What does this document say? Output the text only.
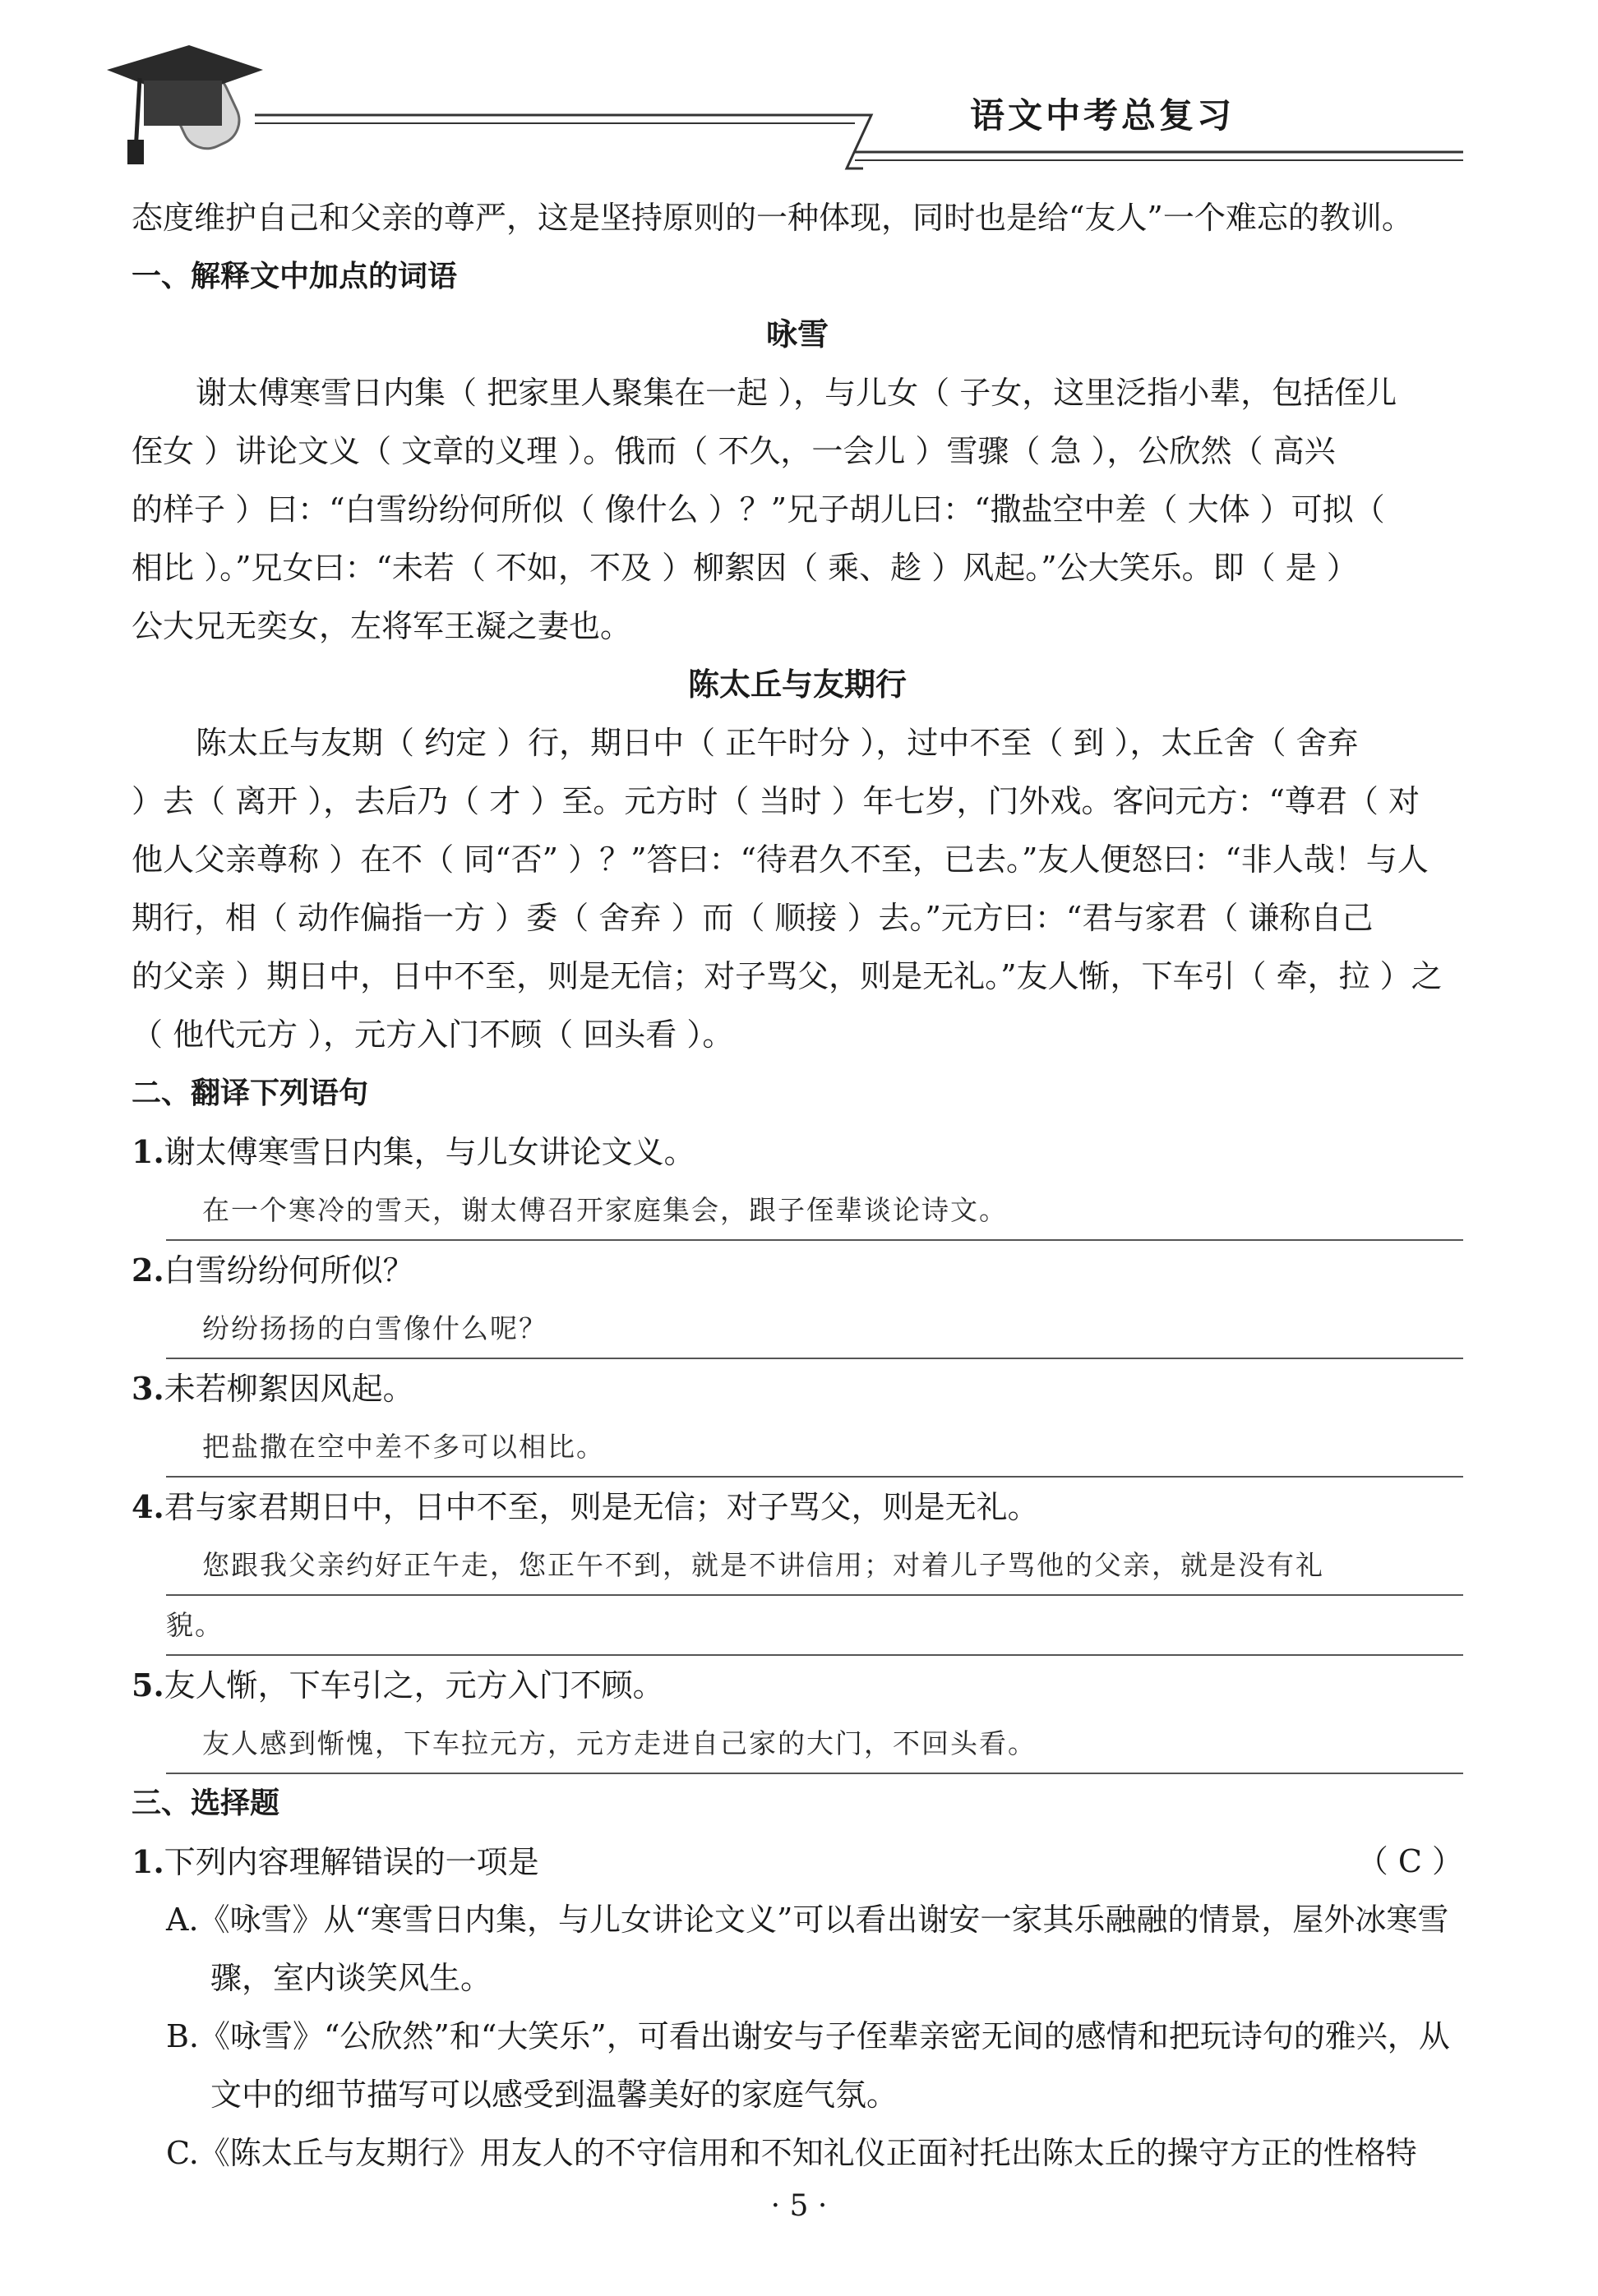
语文中考总复习
态度维护自己和父亲的尊严，这是坚持原则的一种体现，同时也是给“友人”一个难忘的教训。
一、解释文中加点的词语
咏雪
谢太傅寒雪日内集（ 把家里人聚集在一起 ），与儿女（ 子女，这里泛指小辈，包括侄儿
侄女 ）讲论文义（ 文章的义理 ）。俄而（ 不久，一会儿 ）雪骤（ 急 ），公欣然（ 高兴
的样子 ）曰：“白雪纷纷何所似（ 像什么 ）？”兄子胡儿曰：“撒盐空中差（ 大体 ）可拟（
相比 ）。”兄女曰：“未若（ 不如，不及 ）柳絮因（ 乘、趁 ）风起。”公大笑乐。即（ 是 ）
公大兄无奕女，左将军王凝之妻也。
陈太丘与友期行
陈太丘与友期（ 约定 ）行，期日中（ 正午时分 ），过中不至（ 到 ），太丘舍（ 舍弃
）去（ 离开 ），去后乃（ 才 ）至。元方时（ 当时 ）年七岁，门外戏。客问元方：“尊君（ 对
他人父亲尊称 ）在不（ 同“否” ）？”答曰：“待君久不至，已去。”友人便怒曰：“非人哉！与人
期行，相（ 动作偏指一方 ）委（ 舍弃 ）而（ 顺接 ）去。”元方曰：“君与家君（ 谦称自己
的父亲 ）期日中，日中不至，则是无信；对子骂父，则是无礼。”友人惭，下车引（ 牵，拉 ）之
（ 他代元方 ），元方入门不顾（ 回头看 ）。
二、翻译下列语句
1.谢太傅寒雪日内集，与儿女讲论文义。
在一个寒冷的雪天，谢太傅召开家庭集会，跟子侄辈谈论诗文。
2.白雪纷纷何所似？
纷纷扬扬的白雪像什么呢？
3.未若柳絮因风起。
把盐撒在空中差不多可以相比。
4.君与家君期日中，日中不至，则是无信；对子骂父，则是无礼。
您跟我父亲约好正午走，您正午不到，就是不讲信用；对着儿子骂他的父亲，就是没有礼
貌。
5.友人惭，下车引之，元方入门不顾。
友人感到惭愧，下车拉元方，元方走进自己家的大门，不回头看。
三、选择题
1.下列内容理解错误的一项是	（ C ）
A.《咏雪》从“寒雪日内集，与儿女讲论文义”可以看出谢安一家其乐融融的情景，屋外冰寒雪
骤，室内谈笑风生。
B.《咏雪》“公欣然”和“大笑乐”，可看出谢安与子侄辈亲密无间的感情和把玩诗句的雅兴，从
文中的细节描写可以感受到温馨美好的家庭气氛。
C.《陈太丘与友期行》用友人的不守信用和不知礼仪正面衬托出陈太丘的操守方正的性格特
· 5 ·
